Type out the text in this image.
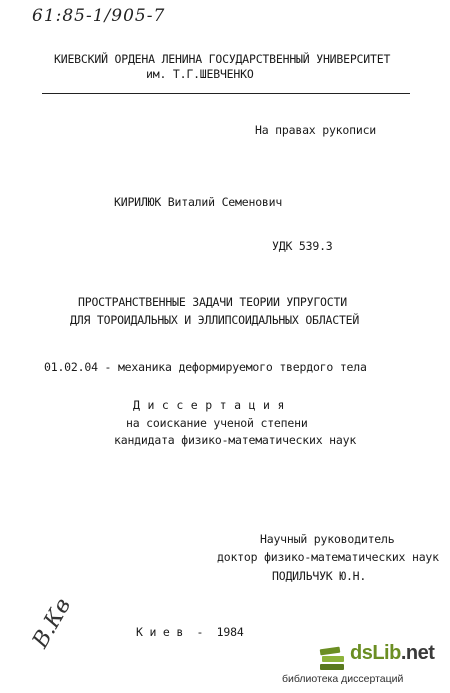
61:85-1/905-7
КИЕВСКИЙ ОРДЕНА ЛЕНИНА ГОСУДАРСТВЕННЫЙ УНИВЕРСИТЕТ
им. Т.Г.ШЕВЧЕНКО
На правах рукописи
КИРИЛЮК Виталий Семенович
УДК 539.3
ПРОСТРАНСТВЕННЫЕ ЗАДАЧИ ТЕОРИИ УПРУГОСТИ
ДЛЯ ТОРОИДАЛЬНЫХ И ЭЛЛИПСОИДАЛЬНЫХ ОБЛАСТЕЙ
01.02.04 - механика деформируемого твердого тела
Д и с с е р т а ц и я
на соискание ученой степени
кандидата физико-математических наук
Научный руководитель
доктор физико-математических наук
ПОДИЛЬЧУК Ю.Н.
В.Кв	К и е в  -  1984
dsLib.net
библиотека диссертаций
